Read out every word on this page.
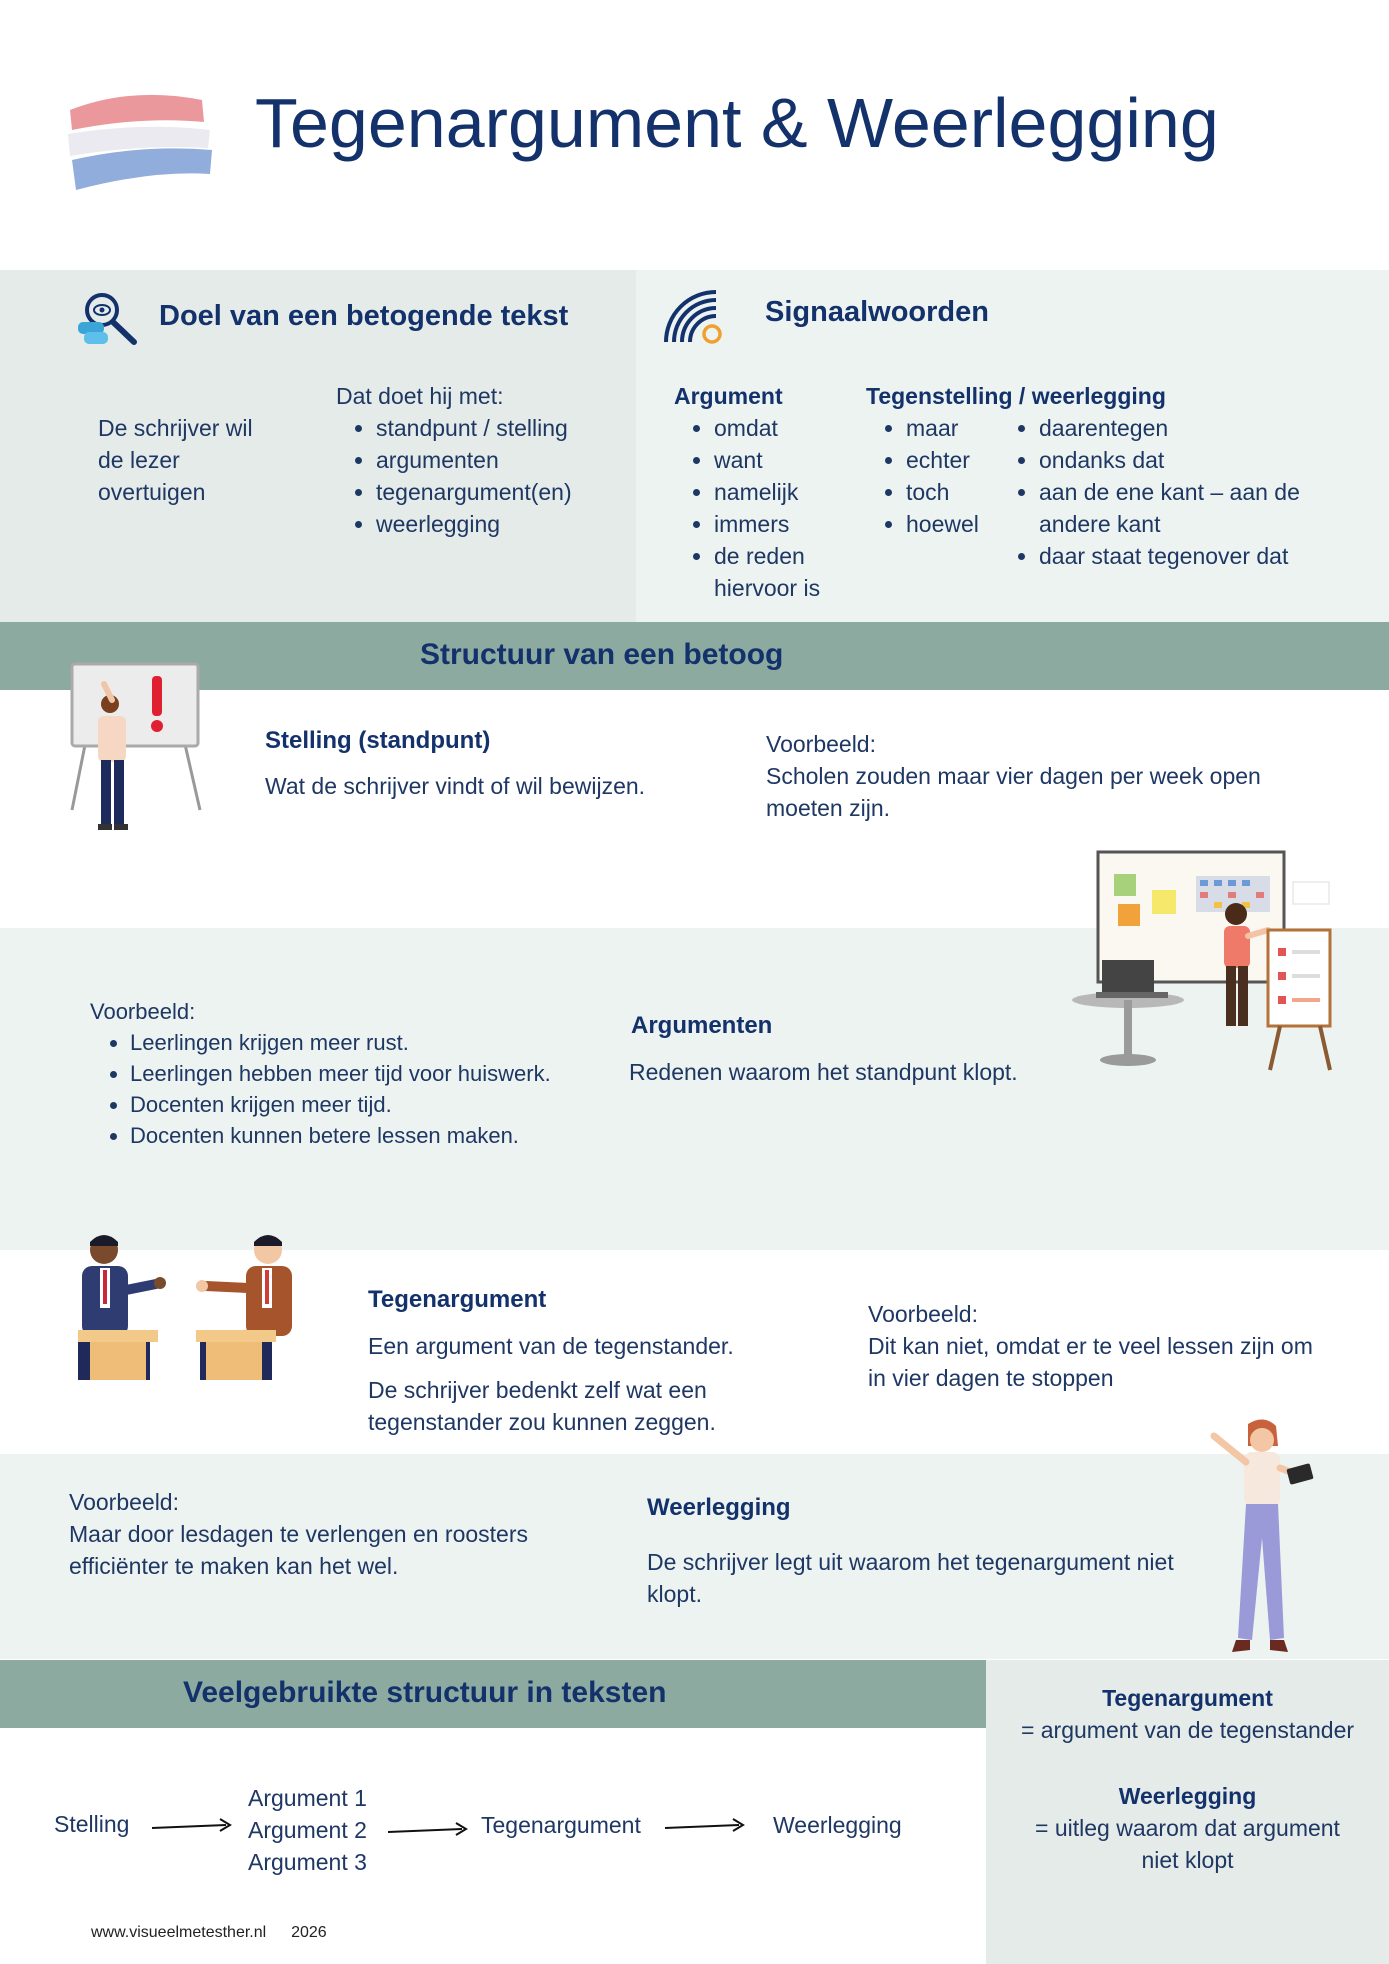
Tegenargument & Weerlegging
Doel van een betogende tekst
De schrijver wil
de lezer
overtuigen
Dat doet hij met:
• standpunt / stelling
• argumenten
• tegenargument(en)
• weerlegging
Signaalwoorden
Argument
• omdat
• want
• namelijk
• immers
• de reden hiervoor is
Tegenstelling / weerlegging
• maar
• echter
• toch
• hoewel
• daarentegen
• ondanks dat
• aan de ene kant – aan de andere kant
• daar staat tegenover dat
Structuur van een betoog
Stelling (standpunt)
Wat de schrijver vindt of wil bewijzen.
Voorbeeld:
Scholen zouden maar vier dagen per week open moeten zijn.
Voorbeeld:
• Leerlingen krijgen meer rust.
• Leerlingen hebben meer tijd voor huiswerk.
• Docenten krijgen meer tijd.
• Docenten kunnen betere lessen maken.
Argumenten
Redenen waarom het standpunt klopt.
Tegenargument
Een argument van de tegenstander.
De schrijver bedenkt zelf wat een tegenstander zou kunnen zeggen.
Voorbeeld:
Dit kan niet, omdat er te veel lessen zijn om in vier dagen te stoppen
Voorbeeld:
Maar door lesdagen te verlengen en roosters efficiënter te maken kan het wel.
Weerlegging
De schrijver legt uit waarom het tegenargument niet klopt.
Veelgebruikte structuur in teksten	Tegenargument
= argument van de tegenstander
Weerlegging
= uitleg waarom dat argument niet klopt
Stelling
Argument 1
Argument 2
Argument 3
Tegenargument	Weerlegging
www.visueelmetesther.nl 2026
